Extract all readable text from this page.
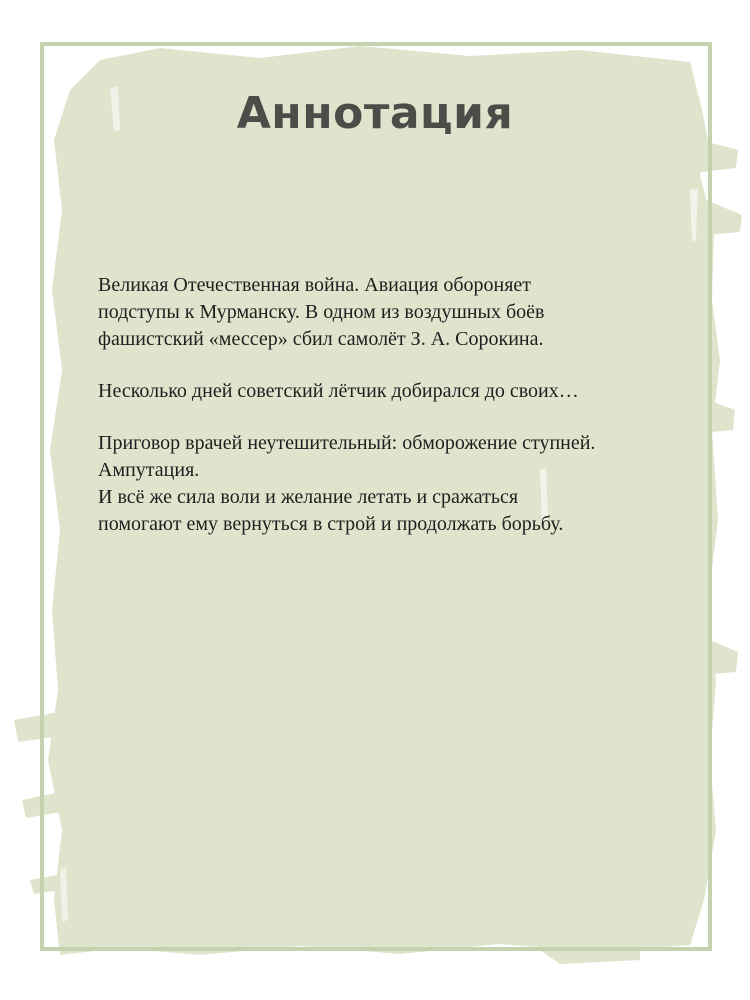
Аннотация

Великая Отечественная война. Авиация обороняет
подступы к Мурманску. В одном из воздушных боёв
фашистский «мессер» сбил самолёт З. А. Сорокина.

Несколько дней советский лётчик добирался до своих…

Приговор врачей неутешительный: обморожение ступней.
Ампутация.
И всё же сила воли и желание летать и сражаться
помогают ему вернуться в строй и продолжать борьбу.
